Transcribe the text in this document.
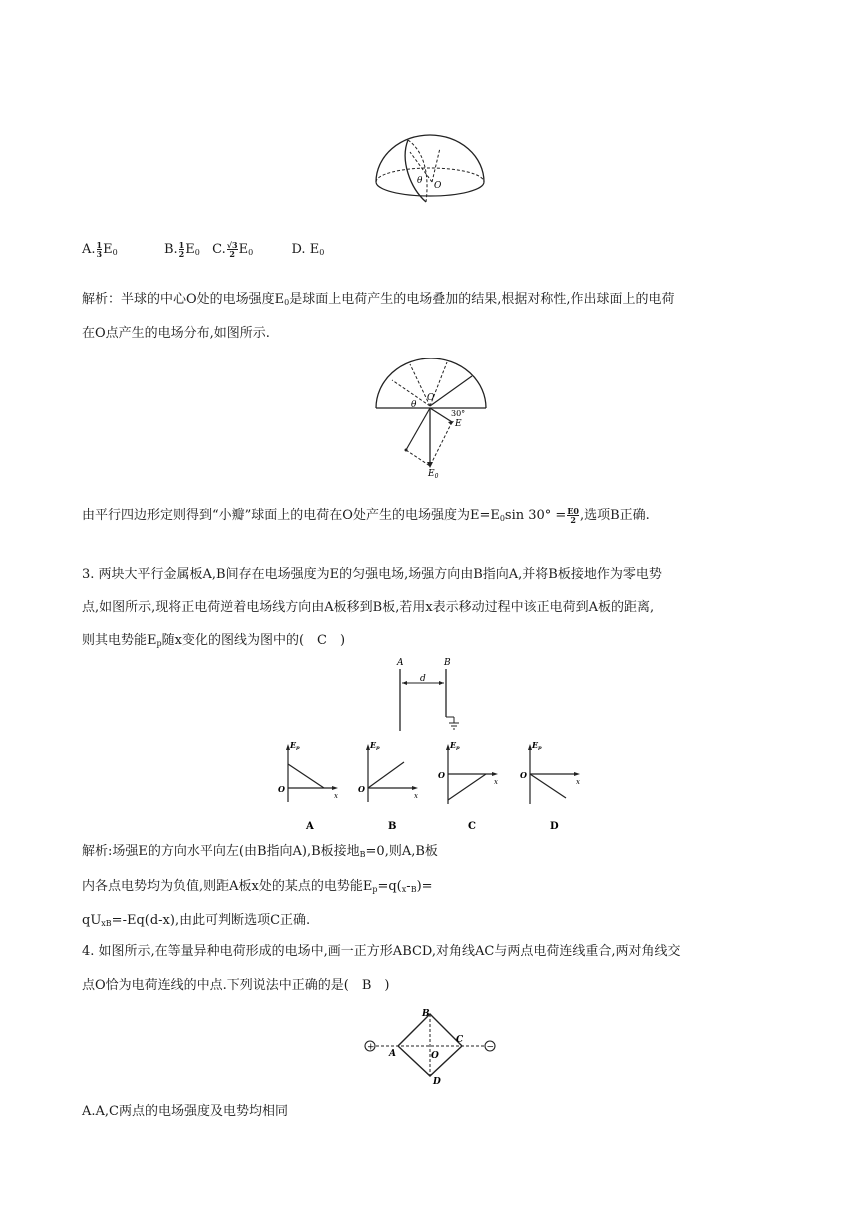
θ O
A. $\frac{1}{3} E_0$	B. $\frac{1}{2} E_0$ C. $\frac{√3}{2} E_0$	D. $E_0$
解析：半球的中心O处的电场强度$E_0$是球面上电荷产生的电场叠加的结果,根据对称性,作出球面上的电荷
在O点产生的电场分布,如图所示.
θ
O
30°
E
$E_0$
由平行四边形定则得到“小瓣”球面上的电荷在O处产生的电场强度为$E=E_0\sin$ $30^\circ = \frac{E0}{2}$ ,选项B正确.
3. 两块大平行金属板A,B间存在电场强度为E的匀强电场,场强方向由B指向A,并将B板接地作为零电势
点,如图所示,现将正电荷逆着电场线方向由A板移到B板,若用x表示移动过程中该正电荷到A板的距离,
则其电势能$E_p$随x变化的图线为图中的(　C　)
A	B
d
Ep
x
O
A
Ep
x
O
B
Ep
x
O
C
Ep
x
O
D
解析:场强E的方向水平向左(由B指向A),B板接地$_B$=0,则A,B板
内各点电势均为负值,则距A板x处的某点的电势能$E_p=q(_x-_B)=$
$qU_{xB}=-Eq(d-x)$,由此可判断选项C正确.
4. 如图所示,在等量异种电荷形成的电场中,画一正方形ABCD,对角线AC与两点电荷连线重合,两对角线交
点O恰为电荷连线的中点.下列说法中正确的是(　B　)
+	−
A
B
C
D
O
A.A,C两点的电场强度及电势均相同
